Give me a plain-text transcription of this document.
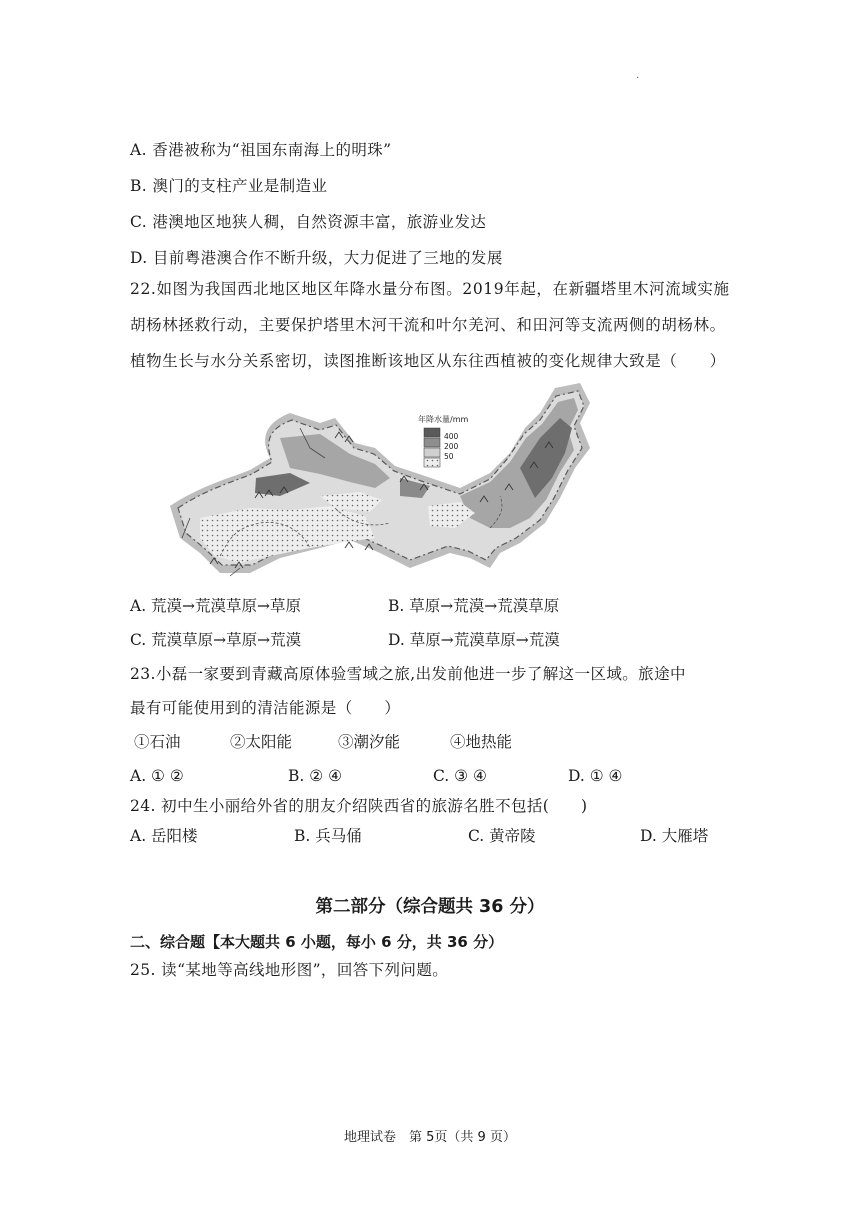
.
A. 香港被称为“祖国东南海上的明珠”
B. 澳门的支柱产业是制造业
C. 港澳地区地狭人稠，自然资源丰富，旅游业发达
D. 目前粤港澳合作不断升级，大力促进了三地的发展
22.如图为我国西北地区地区年降水量分布图。2019年起，在新疆塔里木河流域实施胡杨林拯救行动，主要保护塔里木河干流和叶尔羌河、和田河等支流两侧的胡杨林。植物生长与水分关系密切，读图推断该地区从东往西植被的变化规律大致是（　　）
年降水量/mm
400
200
50
A. 荒漠→荒漠草原→草原	B. 草原→荒漠→荒漠草原
C. 荒漠草原→草原→荒漠	D. 草原→荒漠草原→荒漠
23.小磊一家要到青藏高原体验雪域之旅,出发前他进一步了解这一区域。旅途中
最有可能使用到的清洁能源是（　　）
①石油	②太阳能	③潮汐能	④地热能
A. ① ②	B. ② ④	C. ③ ④	D. ① ④
24. 初中生小丽给外省的朋友介绍陕西省的旅游名胜不包括(　　)
A. 岳阳楼	B. 兵马俑	C. 黄帝陵	D. 大雁塔
第二部分（综合题共 36 分）
二、综合题【本大题共 6 小题，每小 6 分，共 36 分）
25. 读“某地等高线地形图”，回答下列问题。
地理试卷　第 5页（共 9 页）
